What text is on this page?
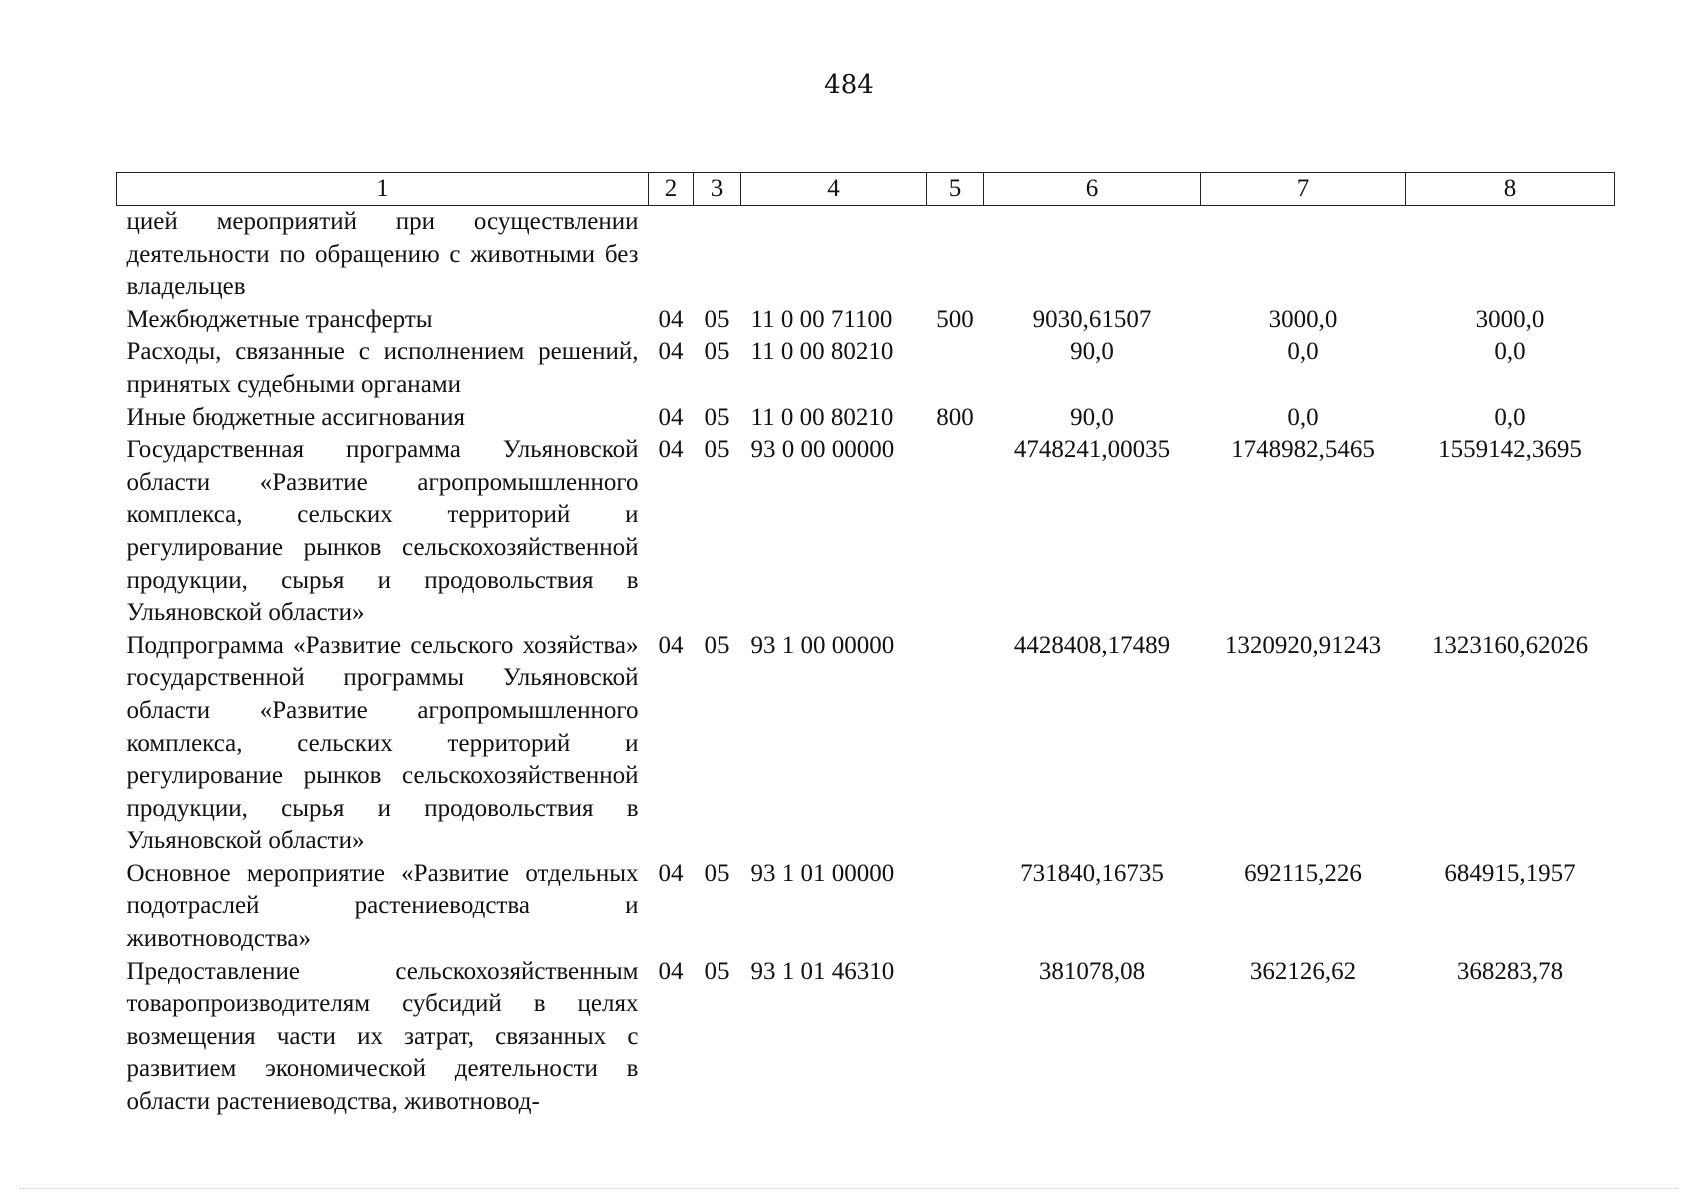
484
1	2	3	4	5	6	7	8
цией мероприятий при осуществлении деятельности по обращению с животными без владельцев							
Межбюджетные трансферты	04	05	11 0 00 71100	500	9030,61507	3000,0	3000,0
Расходы, связанные с исполнением решений, принятых судебными органами	04	05	11 0 00 80210		90,0	0,0	0,0
Иные бюджетные ассигнования	04	05	11 0 00 80210	800	90,0	0,0	0,0
Государственная программа Ульяновской области «Развитие агропромышленного комплекса, сельских территорий и регулирование рынков сельскохозяйственной продукции, сырья и продовольствия в Ульяновской области»	04	05	93 0 00 00000		4748241,00035	1748982,5465	1559142,3695
Подпрограмма «Развитие сельского хозяйства» государственной программы Ульяновской области «Развитие агропромышленного комплекса, сельских территорий и регулирование рынков сельскохозяйственной продукции, сырья и продовольствия в Ульяновской области»	04	05	93 1 00 00000		4428408,17489	1320920,91243	1323160,62026
Основное мероприятие «Развитие отдельных подотраслей растениеводства и животноводства»	04	05	93 1 01 00000		731840,16735	692115,226	684915,1957
Предоставление сельскохозяйственным товаропроизводителям субсидий в целях возмещения части их затрат, связанных с развитием экономической деятельности в области растениеводства, животновод-	04	05	93 1 01 46310		381078,08	362126,62	368283,78
